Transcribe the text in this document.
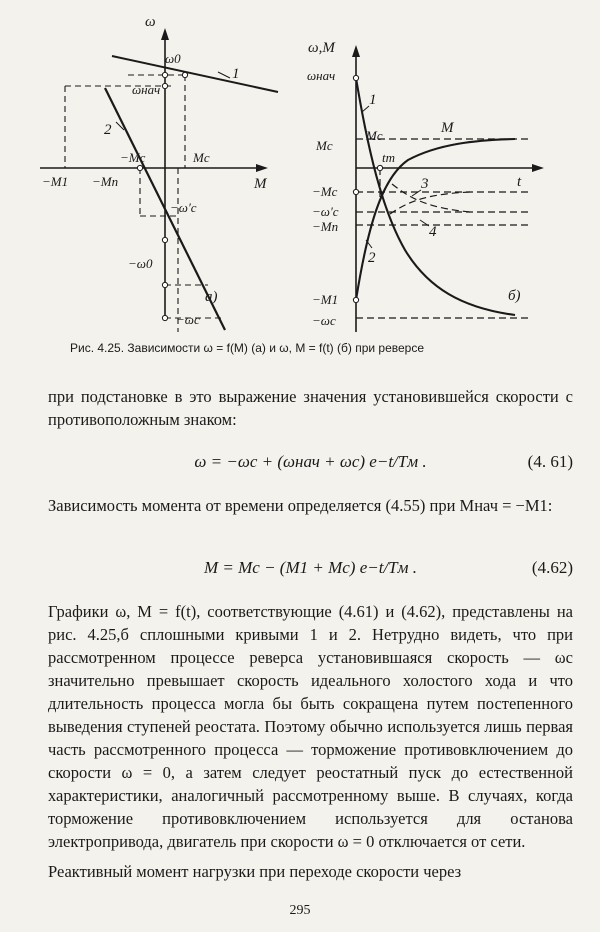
ω
M
ω0
ωнач
−Mc	Mc
−M1 −Mп
−ω′c
−ω0
−ωc
1
2
а)
ω,M
t
ωнач
Mc
Mc
tт
M
−Mc
−ω′c
−Mп
−M1
−ωc
1
2
3
4
б)
Рис. 4.25. Зависимости ω = f(M) (а) и ω, M = f(t) (б) при реверсе
при подстановке в это выражение значения установившейся скорости с противоположным знаком:
ω = −ωc + (ωнач + ωc) e−t/Tм .	(4. 61)
Зависимость момента от времени определяется (4.55) при Mнач = −M1:
M = Mc − (M1 + Mc) e−t/Tм .	(4.62)
Графики ω, M = f(t), соответствующие (4.61) и (4.62), представлены на рис. 4.25,б сплошными кривыми 1 и 2. Нетрудно видеть, что при рассмотренном процессе реверса установившаяся скорость — ωс значительно превышает скорость идеального холостого хода и что длительность процесса могла бы быть сокращена путем постепенного выведения ступеней реостата. Поэтому обычно используется лишь первая часть рассмотренного процесса — торможение противовключением до скорости ω = 0, а затем следует реостатный пуск до естественной характеристики, аналогичный рассмотренному выше. В случаях, когда торможение противовключением используется для останова электропривода, двигатель при скорости ω = 0 отключается от сети.
Реактивный момент нагрузки при переходе скорости через
295
